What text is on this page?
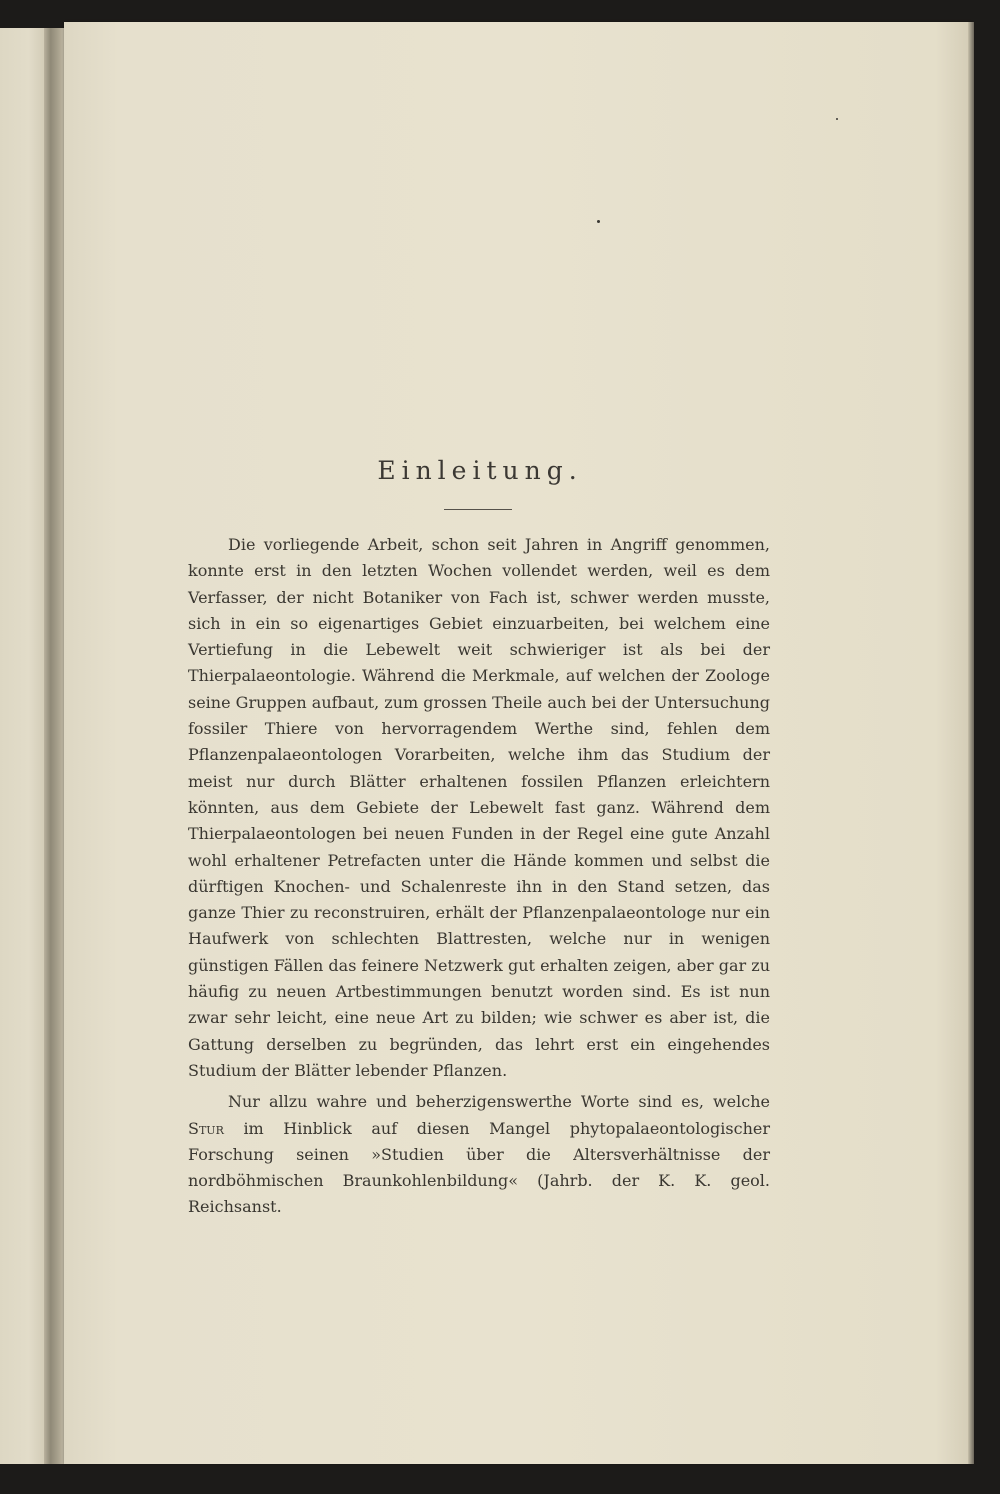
Einleitung.

Die vorliegende Arbeit, schon seit Jahren in Angriff genommen, konnte erst in den letzten Wochen vollendet werden, weil es dem Verfasser, der nicht Botaniker von Fach ist, schwer werden musste, sich in ein so eigenartiges Gebiet einzuarbeiten, bei welchem eine Vertiefung in die Lebewelt weit schwieriger ist als bei der Thierpalaeontologie. Während die Merkmale, auf welchen der Zoologe seine Gruppen aufbaut, zum grossen Theile auch bei der Untersuchung fossiler Thiere von hervorragendem Werthe sind, fehlen dem Pflanzenpalaeontologen Vorarbeiten, welche ihm das Studium der meist nur durch Blätter erhaltenen fossilen Pflanzen erleichtern könnten, aus dem Gebiete der Lebewelt fast ganz. Während dem Thierpalaeontologen bei neuen Funden in der Regel eine gute Anzahl wohl erhaltener Petrefacten unter die Hände kommen und selbst die dürftigen Knochen- und Schalenreste ihn in den Stand setzen, das ganze Thier zu reconstruiren, erhält der Pflanzenpalaeontologe nur ein Haufwerk von schlechten Blattresten, welche nur in wenigen günstigen Fällen das feinere Netzwerk gut erhalten zeigen, aber gar zu häufig zu neuen Artbestimmungen benutzt worden sind. Es ist nun zwar sehr leicht, eine neue Art zu bilden; wie schwer es aber ist, die Gattung derselben zu begründen, das lehrt erst ein eingehendes Studium der Blätter lebender Pflanzen.

Nur allzu wahre und beherzigenswerthe Worte sind es, welche Stur im Hinblick auf diesen Mangel phytopalaeontologischer Forschung seinen »Studien über die Altersverhältnisse der nordböhmischen Braunkohlenbildung« (Jahrb. der K. K. geol. Reichsanst.
